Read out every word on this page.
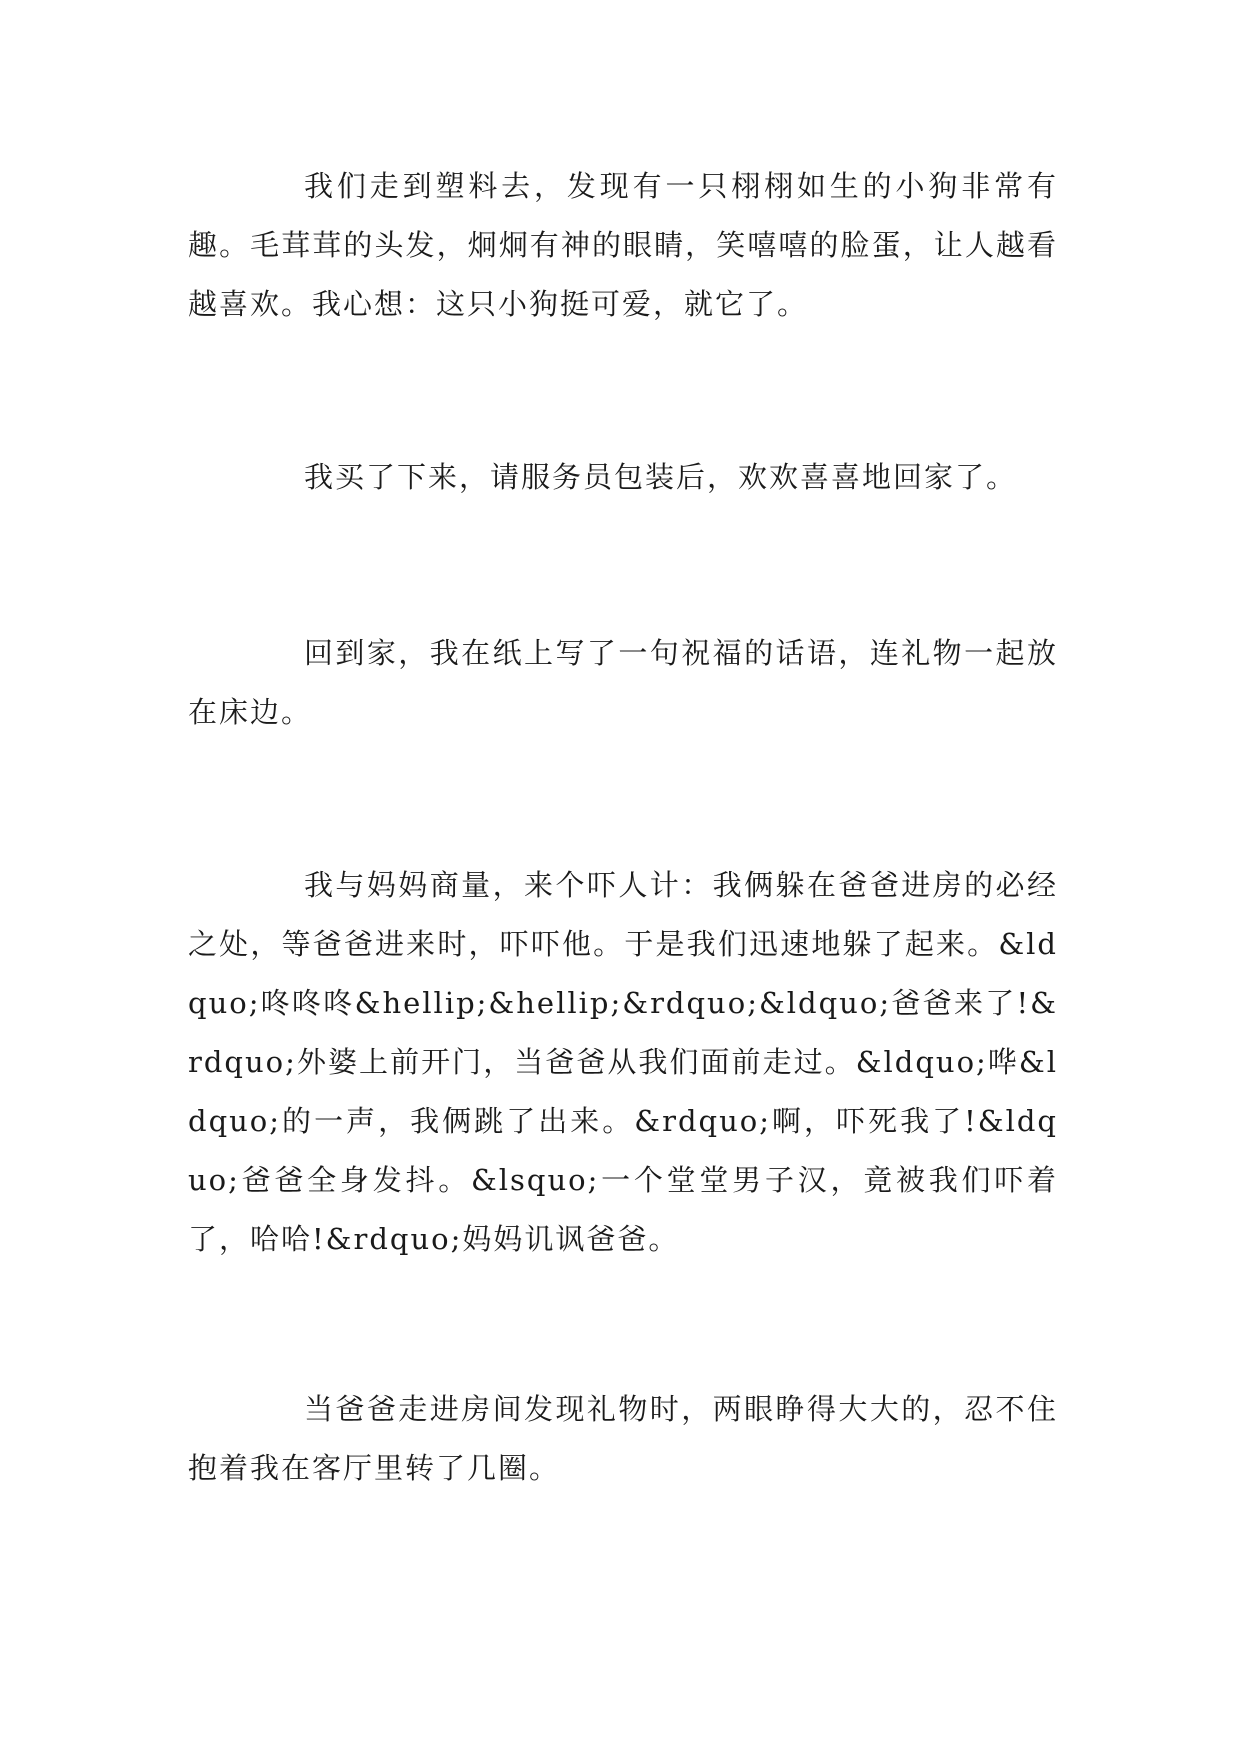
我们走到塑料去，发现有一只栩栩如生的小狗非常有趣。毛茸茸的头发，炯炯有神的眼睛，笑嘻嘻的脸蛋，让人越看越喜欢。我心想：这只小狗挺可爱，就它了。

我买了下来，请服务员包装后，欢欢喜喜地回家了。

回到家，我在纸上写了一句祝福的话语，连礼物一起放在床边。

我与妈妈商量，来个吓人计：我俩躲在爸爸进房的必经之处，等爸爸进来时，吓吓他。于是我们迅速地躲了起来。&ldquo;咚咚咚&hellip;&hellip;&rdquo;&ldquo;爸爸来了!&rdquo;外婆上前开门，当爸爸从我们面前走过。&ldquo;哗&ldquo;的一声，我俩跳了出来。&rdquo;啊，吓死我了!&ldquo;爸爸全身发抖。&lsquo;一个堂堂男子汉，竟被我们吓着了，哈哈!&rdquo;妈妈讥讽爸爸。

当爸爸走进房间发现礼物时，两眼睁得大大的，忍不住抱着我在客厅里转了几圈。
